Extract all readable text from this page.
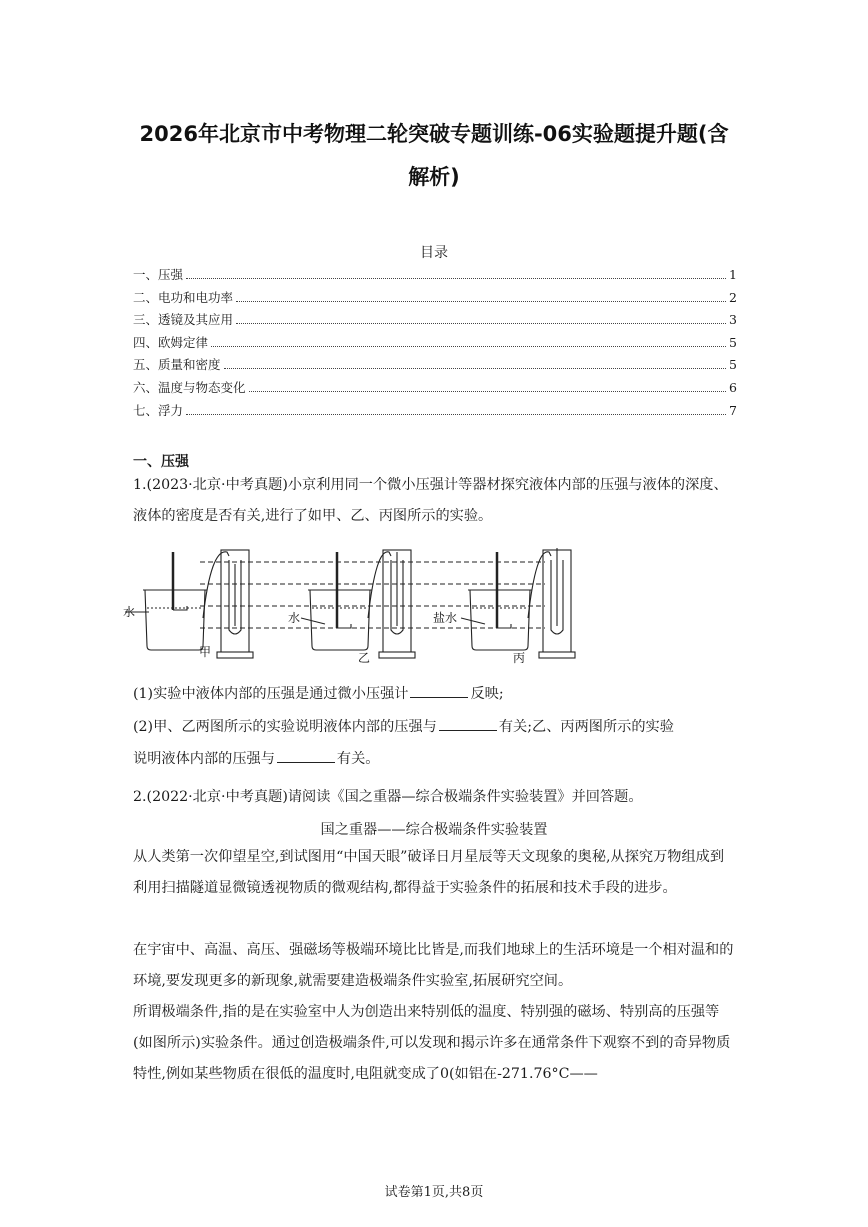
2026年北京市中考物理二轮突破专题训练-06实验题提升题(含
解析)
目录
一、压强	1
二、电功和电功率	2
三、透镜及其应用	3
四、欧姆定律	5
五、质量和密度	5
六、温度与物态变化	6
七、浮力	7
一、压强
1.(2023·北京·中考真题)小京利用同一个微小压强计等器材探究液体内部的压强与液体的深度、液体的密度是否有关,进行了如甲、乙、丙图所示的实验。
水
甲
水
乙
盐水
丙
(1)实验中液体内部的压强是通过微小压强计	反映;
(2)甲、乙两图所示的实验说明液体内部的压强与	有关;乙、丙两图所示的实验
说明液体内部的压强与	有关。
2.(2022·北京·中考真题)请阅读《国之重器—综合极端条件实验装置》并回答题。
国之重器——综合极端条件实验装置
从人类第一次仰望星空,到试图用“中国天眼”破译日月星辰等天文现象的奥秘,从探究万物组成到利用扫描隧道显微镜透视物质的微观结构,都得益于实验条件的拓展和技术手段的进步。
在宇宙中、高温、高压、强磁场等极端环境比比皆是,而我们地球上的生活环境是一个相对温和的环境,要发现更多的新现象,就需要建造极端条件实验室,拓展研究空间。
所谓极端条件,指的是在实验室中人为创造出来特别低的温度、特别强的磁场、特别高的压强等(如图所示)实验条件。通过创造极端条件,可以发现和揭示许多在通常条件下观察不到的奇异物质特性,例如某些物质在很低的温度时,电阻就变成了0(如铝在-271.76°C——
试卷第1页,共8页
